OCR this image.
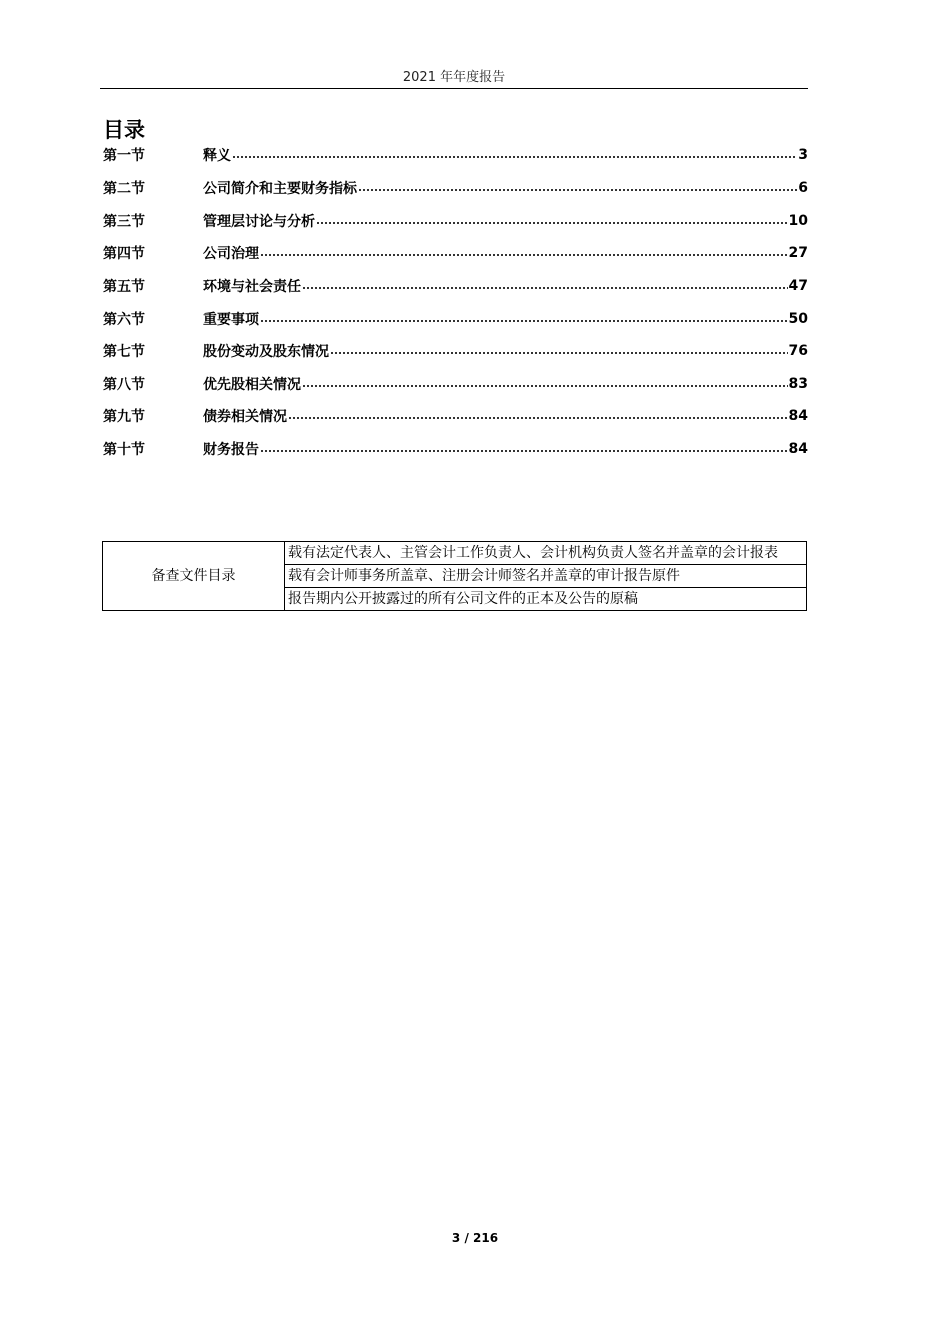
2021 年年度报告
目录
第一节	释义	3
第二节	公司简介和主要财务指标	6
第三节	管理层讨论与分析	10
第四节	公司治理	27
第五节	环境与社会责任	47
第六节	重要事项	50
第七节	股份变动及股东情况	76
第八节	优先股相关情况	83
第九节	债券相关情况	84
第十节	财务报告	84
备查文件目录	载有法定代表人、主管会计工作负责人、会计机构负责人签名并盖章的会计报表
载有会计师事务所盖章、注册会计师签名并盖章的审计报告原件
报告期内公开披露过的所有公司文件的正本及公告的原稿
3 / 216
